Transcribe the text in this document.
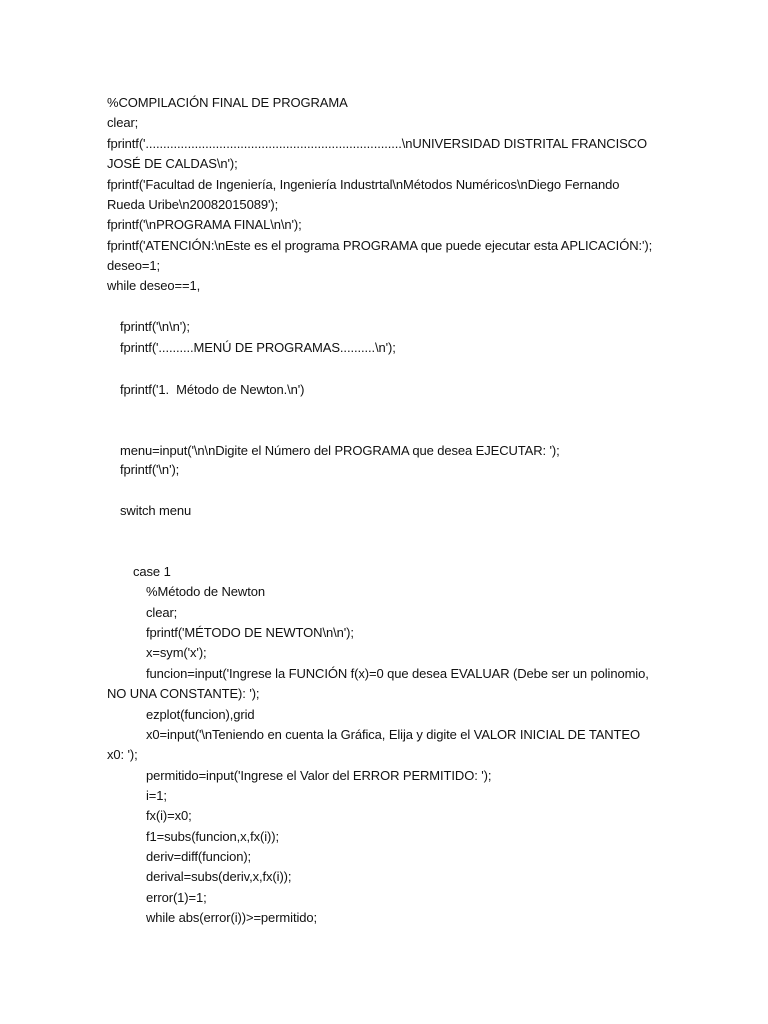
%COMPILACIÓN FINAL DE PROGRAMA
clear;
fprintf('.........................................................................\nUNIVERSIDAD DISTRITAL FRANCISCO
JOSÉ DE CALDAS\n');
fprintf('Facultad de Ingeniería, Ingeniería Industrtal\nMétodos Numéricos\nDiego Fernando
Rueda Uribe\n20082015089');
fprintf('\nPROGRAMA FINAL\n\n');
fprintf('ATENCIÓN:\nEste es el programa PROGRAMA que puede ejecutar esta APLICACIÓN:');
deseo=1;
while deseo==1,
fprintf('\n\n');
fprintf('..........MENÚ DE PROGRAMAS..........\n');
fprintf('1.  Método de Newton.\n')
menu=input('\n\nDigite el Número del PROGRAMA que desea EJECUTAR: ');
fprintf('\n');
switch menu
case 1
%Método de Newton
clear;
fprintf('MÉTODO DE NEWTON\n\n');
x=sym('x');
funcion=input('Ingrese la FUNCIÓN f(x)=0 que desea EVALUAR (Debe ser un polinomio,
NO UNA CONSTANTE): ');
ezplot(funcion),grid
x0=input('\nTeniendo en cuenta la Gráfica, Elija y digite el VALOR INICIAL DE TANTEO
x0: ');
permitido=input('Ingrese el Valor del ERROR PERMITIDO: ');
i=1;
fx(i)=x0;
f1=subs(funcion,x,fx(i));
deriv=diff(funcion);
derival=subs(deriv,x,fx(i));
error(1)=1;
while abs(error(i))>=permitido;
